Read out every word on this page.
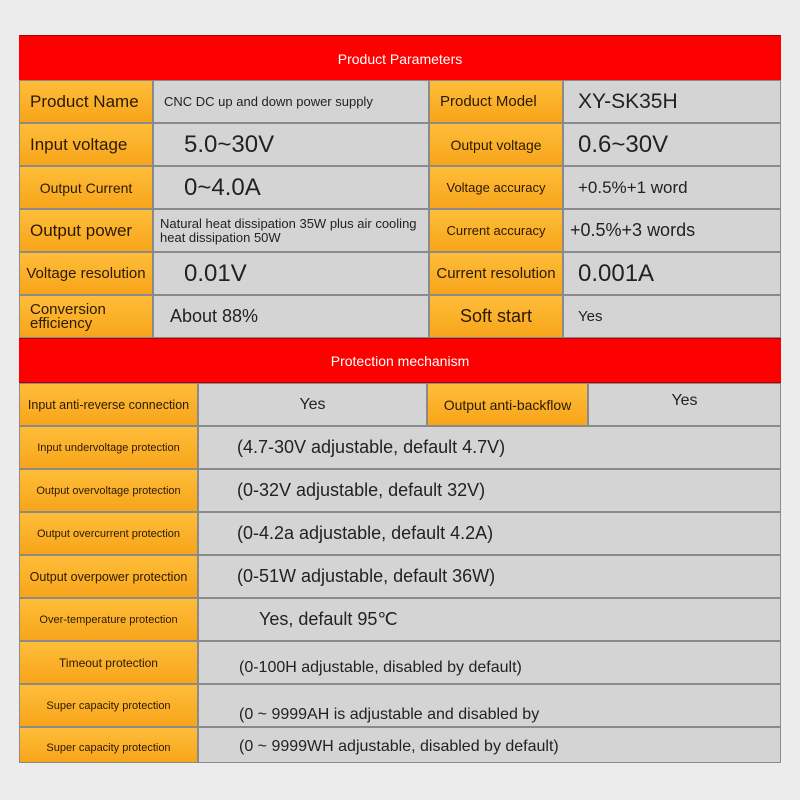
Product Parameters
Product Name	CNC DC up and down power supply	Product Model	XY-SK35H
Input voltage	5.0~30V	Output voltage	0.6~30V
Output Current	0~4.0A	Voltage accuracy	+0.5%+1 word
Output power	Natural heat dissipation 35W plus air cooling heat dissipation 50W	Current accuracy	+0.5%+3 words
Voltage resolution	0.01V	Current resolution 0.001A
Conversion efficiency	About 88%	Soft start	Yes
Protection mechanism
Input anti-reverse connection	Yes	Output anti-backflow	Yes
Input undervoltage protection	(4.7-30V adjustable, default 4.7V)
Output overvoltage protection	(0-32V adjustable, default 32V)
Output overcurrent protection	(0-4.2a adjustable, default 4.2A)
Output overpower protection	(0-51W adjustable, default 36W)
Over-temperature protection	Yes, default 95℃
Timeout protection	(0-100H adjustable, disabled by default)
Super capacity protection	(0 ~ 9999AH is adjustable and disabled by
Super capacity protection	(0 ~ 9999WH adjustable, disabled by default)
